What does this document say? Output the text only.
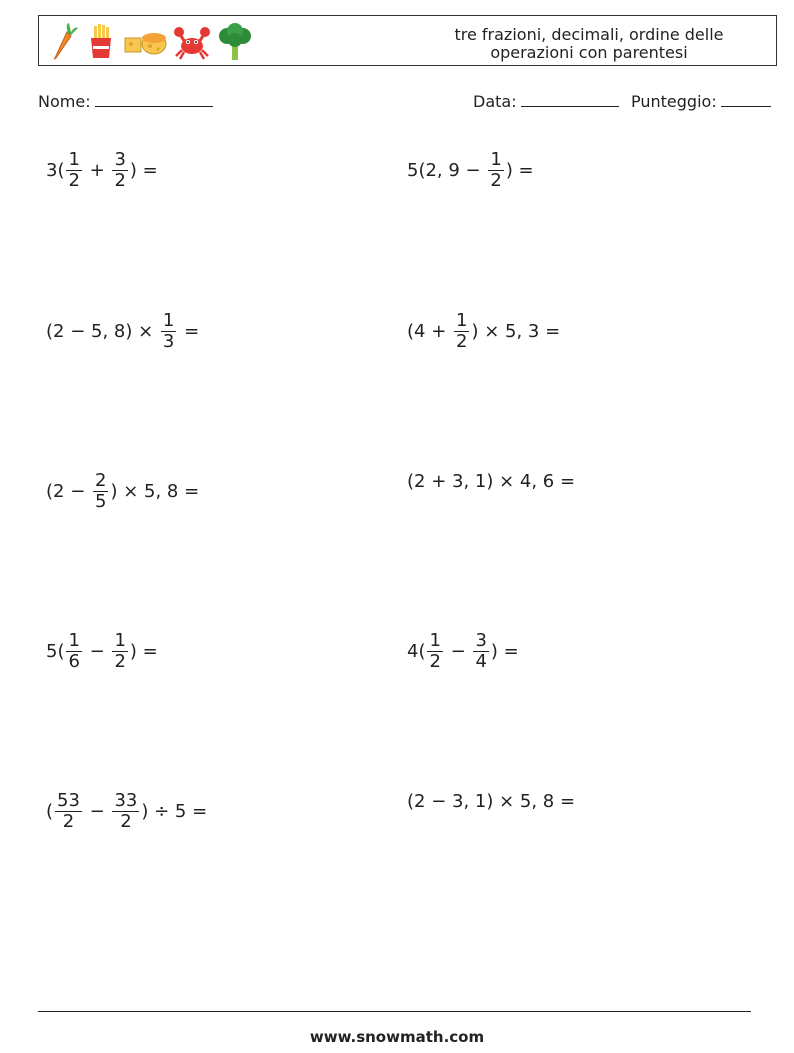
tre frazioni, decimali, ordine delle
operazioni con parentesi
Nome:	Data:	Punteggio:
$3( \frac{1}{2} + \frac{3}{2}$ ) =	5(2, $9 - \frac{1}{2}$ ) =
(2 − 5, $8) \times \frac{1}{3}$ =	($4 + \frac{1}{2}$ ) × 5, 3 =
($2 - \frac{2}{5}$ ) × 5, 8 =	(2 + 3, 1) × 4, 6 =
$5( \frac{1}{6} - \frac{1}{2}$ ) =	$4( \frac{1}{2} - \frac{3}{4}$ ) =
( $\frac{53}{2} - \frac{33}{2}$ ) ÷ 5 =	(2 − 3, 1) × 5, 8 =
www.snowmath.com
